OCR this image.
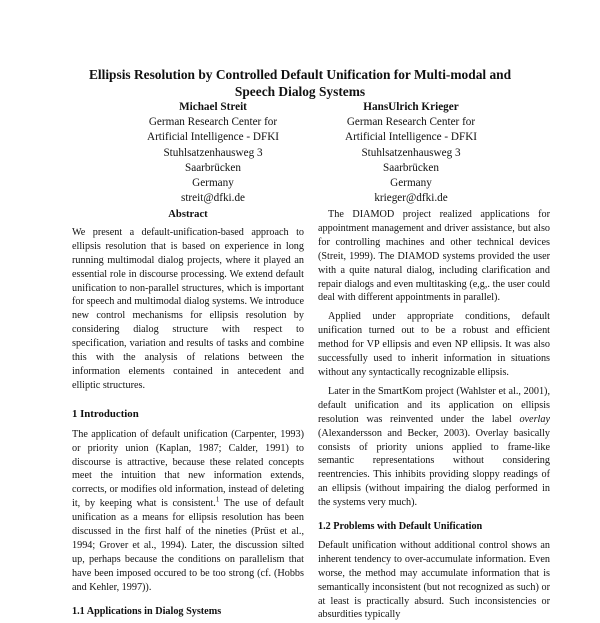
Ellipsis Resolution by Controlled Default Unification for Multi-modal and
Speech Dialog Systems
Michael Streit
German Research Center for
Artificial Intelligence - DFKI
Stuhlsatzenhausweg 3
Saarbrücken
Germany
streit@dfki.de
HansUlrich Krieger
German Research Center for
Artificial Intelligence - DFKI
Stuhlsatzenhausweg 3
Saarbrücken
Germany
krieger@dfki.de
Abstract

We present a default-unification-based approach to ellipsis resolution that is based on experience in long running multimodal dialog projects, where it played an essential role in discourse processing. We extend default unification to non-parallel structures, which is important for speech and multimodal dialog systems. We introduce new control mechanisms for ellipsis resolution by considering dialog structure with respect to specification, variation and results of tasks and combine this with the analysis of relations between the information elements contained in antecedent and elliptic structures.

1 Introduction

The application of default unification (Carpenter, 1993) or priority union (Kaplan, 1987; Calder, 1991) to discourse is attractive, because these related concepts meet the intuition that new information extends, corrects, or modifies old information, instead of deleting it, by keeping what is consistent.$^1$ The use of default unification as a means for ellipsis resolution has been discussed in the first half of the nineties (Prüst et al., 1994; Grover et al., 1994). Later, the discussion silted up, perhaps because the conditions on parallelism that have been imposed occured to be too strong (cf. (Hobbs and Kehler, 1997)).

1.1 Applications in Dialog Systems

The DIAMOD project realized applications for appointment management and driver assistance, but also for controlling machines and other technical devices (Streit, 1999). The DIAMOD systems provided the user with a quite natural dialog, including clarification and repair dialogs and even multitasking (e,g,. the user could deal with different appointments in parallel).

Applied under appropriate conditions, default unification turned out to be a robust and efficient method for VP ellipsis and even NP ellipsis. It was also successfully used to inherit information in situations without any syntactically recognizable ellipsis.

Later in the SmartKom project (Wahlster et al., 2001), default unification and its application on ellipsis resolution was reinvented under the label overlay (Alexandersson and Becker, 2003). Overlay basically consists of priority unions applied to frame-like semantic representations without considering reentrencies. This inhibits providing sloppy readings of an ellipsis (without impairing the dialog performed in the systems very much).

1.2 Problems with Default Unification

Default unification without additional control shows an inherent tendency to over-accumulate information. Even worse, the method may accumulate information that is semantically inconsistent (but not recognized as such) or at least is practically absurd. Such inconsistencies or absurdities typically
